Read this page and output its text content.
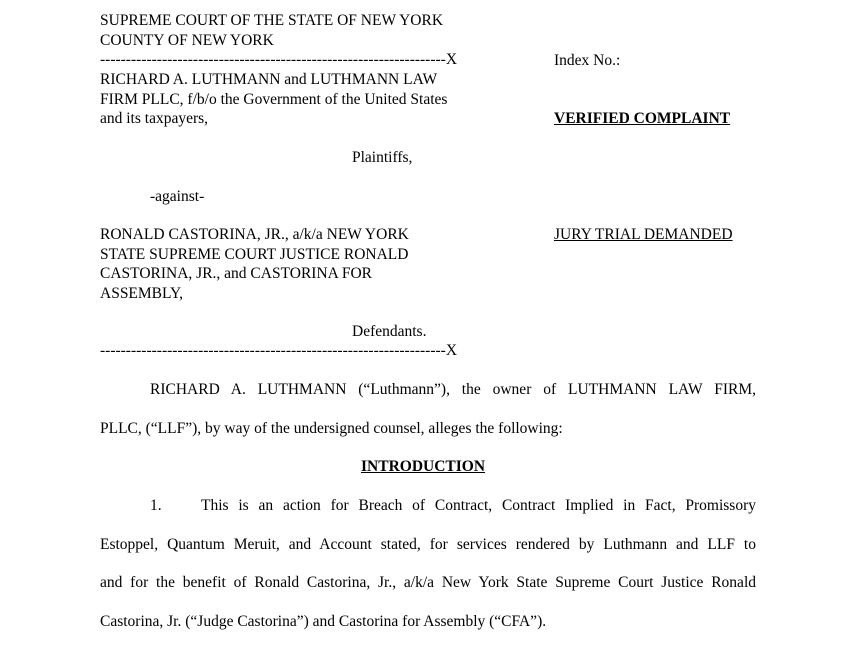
SUPREME COURT OF THE STATE OF NEW YORK
COUNTY OF NEW YORK
-------------------------------------------------------------------X	Index No.:
VERIFIED COMPLAINT
JURY TRIAL DEMANDED
RICHARD A. LUTHMANN and LUTHMANN LAW
FIRM PLLC, f/b/o the Government of the United States
and its taxpayers,
Plaintiffs,
-against-
RONALD CASTORINA, JR., a/k/a NEW YORK
STATE SUPREME COURT JUSTICE RONALD
CASTORINA, JR., and CASTORINA FOR
ASSEMBLY,
Defendants.
-------------------------------------------------------------------X
RICHARD A. LUTHMANN (“Luthmann”), the owner of LUTHMANN LAW FIRM,
PLLC, (“LLF”), by way of the undersigned counsel, alleges the following:
INTRODUCTION
1.	This is an action for Breach of Contract, Contract Implied in Fact, Promissory
Estoppel, Quantum Meruit, and Account stated, for services rendered by Luthmann and LLF to
and for the benefit of Ronald Castorina, Jr., a/k/a New York State Supreme Court Justice Ronald
Castorina, Jr. (“Judge Castorina”) and Castorina for Assembly (“CFA”).
